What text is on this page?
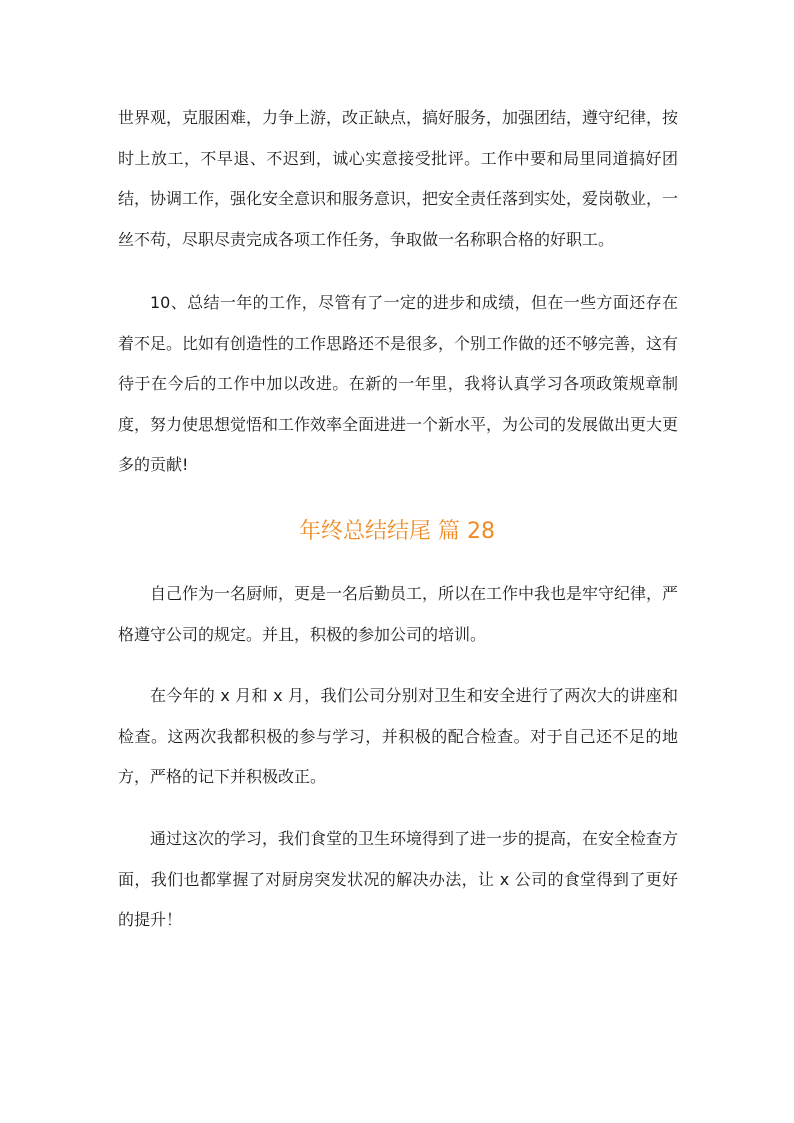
世界观，克服困难，力争上游，改正缺点，搞好服务，加强团结，遵守纪律，按时上放工，不早退、不迟到，诚心实意接受批评。工作中要和局里同道搞好团结，协调工作，强化安全意识和服务意识，把安全责任落到实处，爱岗敬业，一丝不苟，尽职尽责完成各项工作任务，争取做一名称职合格的好职工。

10、总结一年的工作，尽管有了一定的进步和成绩，但在一些方面还存在着不足。比如有创造性的工作思路还不是很多，个别工作做的还不够完善，这有待于在今后的工作中加以改进。在新的一年里，我将认真学习各项政策规章制度，努力使思想觉悟和工作效率全面进进一个新水平，为公司的发展做出更大更多的贡献!

年终总结结尾 篇 28

自己作为一名厨师，更是一名后勤员工，所以在工作中我也是牢守纪律，严格遵守公司的规定。并且，积极的参加公司的培训。

在今年的 x 月和 x 月，我们公司分别对卫生和安全进行了两次大的讲座和检查。这两次我都积极的参与学习，并积极的配合检查。对于自己还不足的地方，严格的记下并积极改正。

通过这次的学习，我们食堂的卫生环境得到了进一步的提高，在安全检查方面，我们也都掌握了对厨房突发状况的解决办法，让 x 公司的食堂得到了更好的提升！
